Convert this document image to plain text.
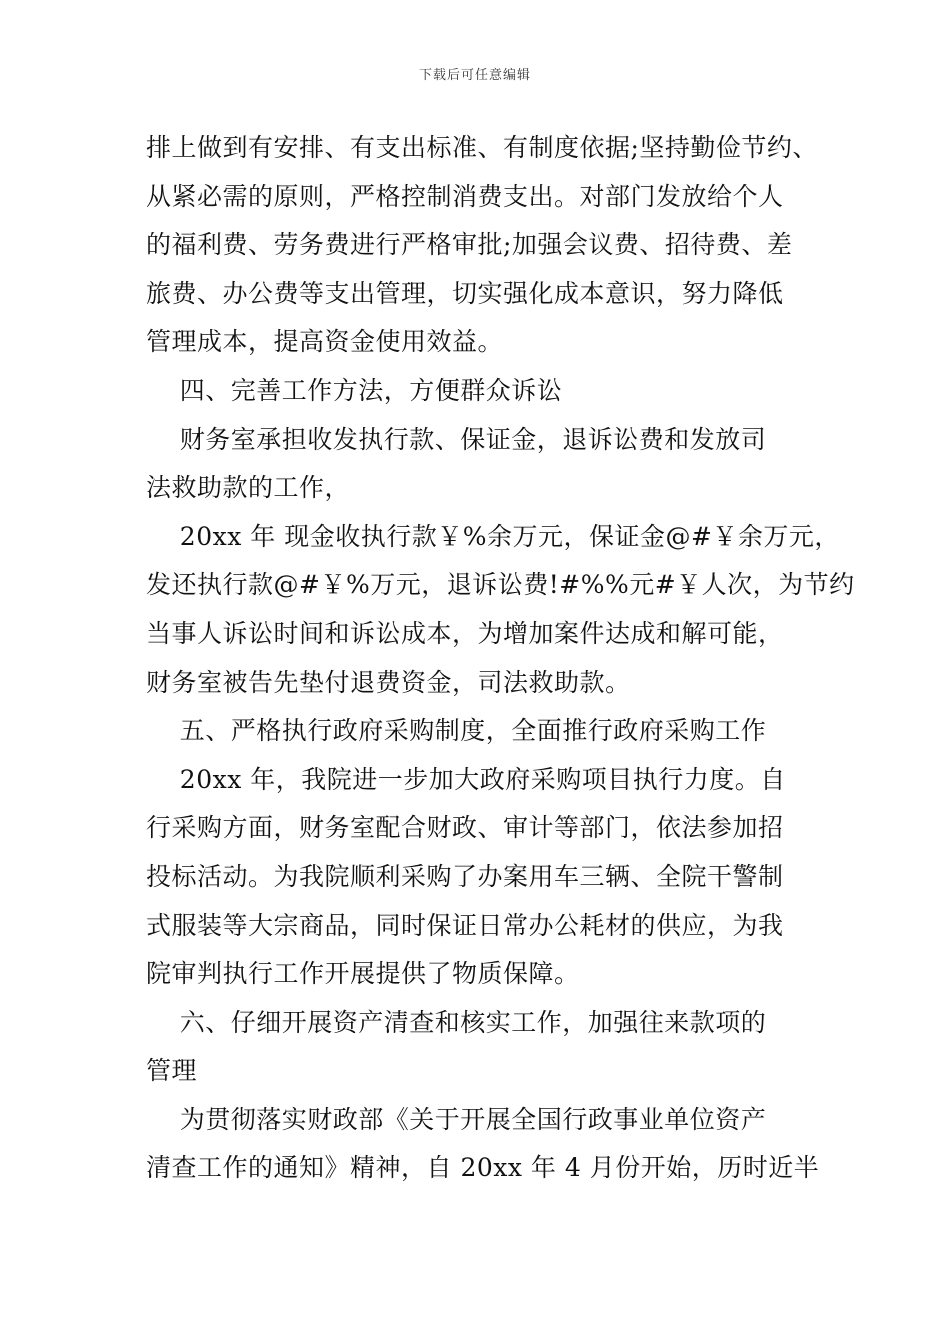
下载后可任意编辑
排上做到有安排、有支出标准、有制度依据;坚持勤俭节约、
从紧必需的原则，严格控制消费支出。对部门发放给个人
的福利费、劳务费进行严格审批;加强会议费、招待费、差
旅费、办公费等支出管理，切实强化成本意识，努力降低
管理成本，提高资金使用效益。
四、完善工作方法，方便群众诉讼
财务室承担收发执行款、保证金，退诉讼费和发放司
法救助款的工作，
20xx 年 现金收执行款￥%余万元，保证金@#￥余万元，
发还执行款@#￥%万元，退诉讼费!#%%元#￥人次，为节约
当事人诉讼时间和诉讼成本，为增加案件达成和解可能，
财务室被告先垫付退费资金，司法救助款。
五、严格执行政府采购制度，全面推行政府采购工作
20xx 年，我院进一步加大政府采购项目执行力度。自
行采购方面，财务室配合财政、审计等部门，依法参加招
投标活动。为我院顺利采购了办案用车三辆、全院干警制
式服装等大宗商品，同时保证日常办公耗材的供应，为我
院审判执行工作开展提供了物质保障。
六、仔细开展资产清查和核实工作，加强往来款项的
管理
为贯彻落实财政部《关于开展全国行政事业单位资产
清查工作的通知》精神，自 20xx 年 4 月份开始，历时近半
